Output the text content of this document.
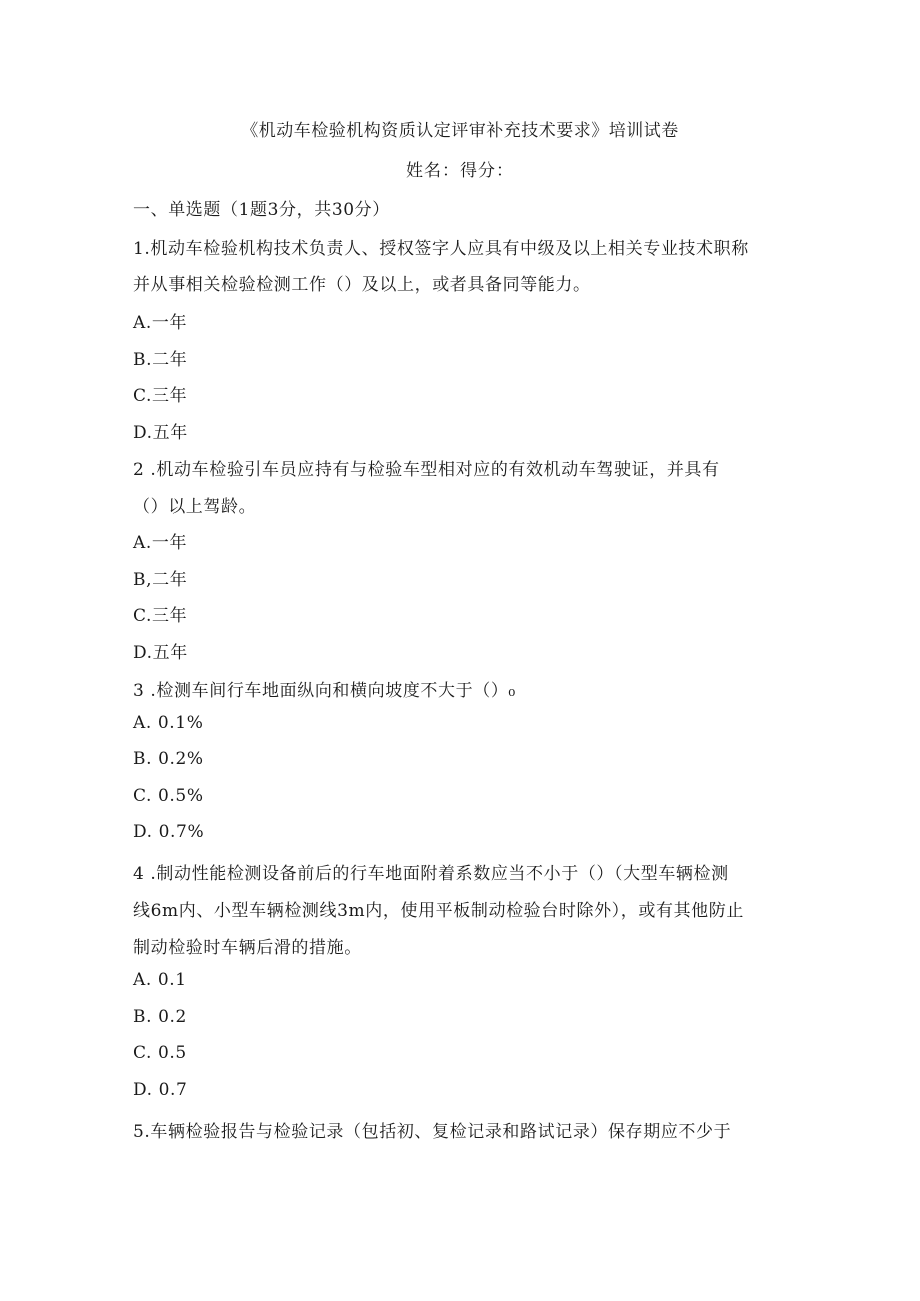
《机动车检验机构资质认定评审补充技术要求》培训试卷
姓名：得分：
一、单选题（1题3分，共30分）
1.机动车检验机构技术负责人、授权签字人应具有中级及以上相关专业技术职称
并从事相关检验检测工作（）及以上，或者具备同等能力。
A.一年
B.二年
C.三年
D.五年
2 .机动车检验引车员应持有与检验车型相对应的有效机动车驾驶证，并具有
（）以上驾龄。
A.一年
B,二年
C.三年
D.五年
3 .检测车间行车地面纵向和横向坡度不大于（）₀
A. 0.1%
B. 0.2%
C. 0.5%
D. 0.7%
4 .制动性能检测设备前后的行车地面附着系数应当不小于（）（大型车辆检测
线6m内、小型车辆检测线3m内，使用平板制动检验台时除外），或有其他防止
制动检验时车辆后滑的措施。
A. 0.1
B. 0.2
C. 0.5
D. 0.7
5.车辆检验报告与检验记录（包括初、复检记录和路试记录）保存期应不少于
